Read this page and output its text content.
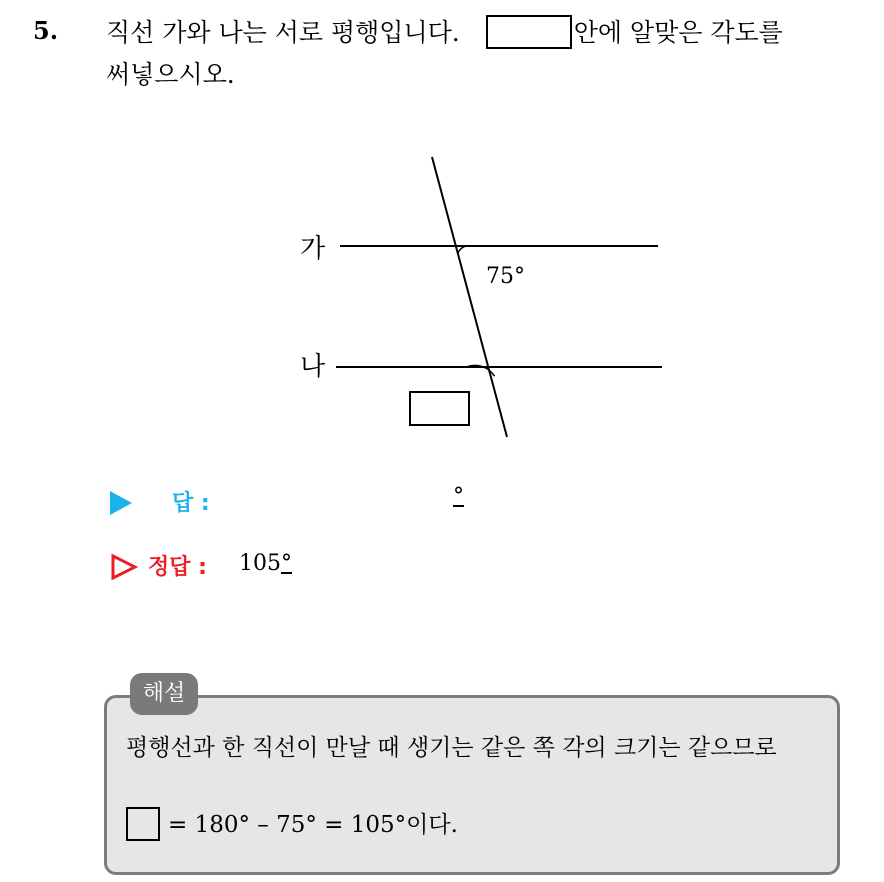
5. 직선 가와 나는 서로 평행입니다.	안에 알맞은 각도를
써넣으시오.
가
나
75°
답 :	°
정답 : 105°
해설
평행선과 한 직선이 만날 때 생기는 같은 쪽 각의 크기는 같으므로
= 180° – 75° = 105°이다.
